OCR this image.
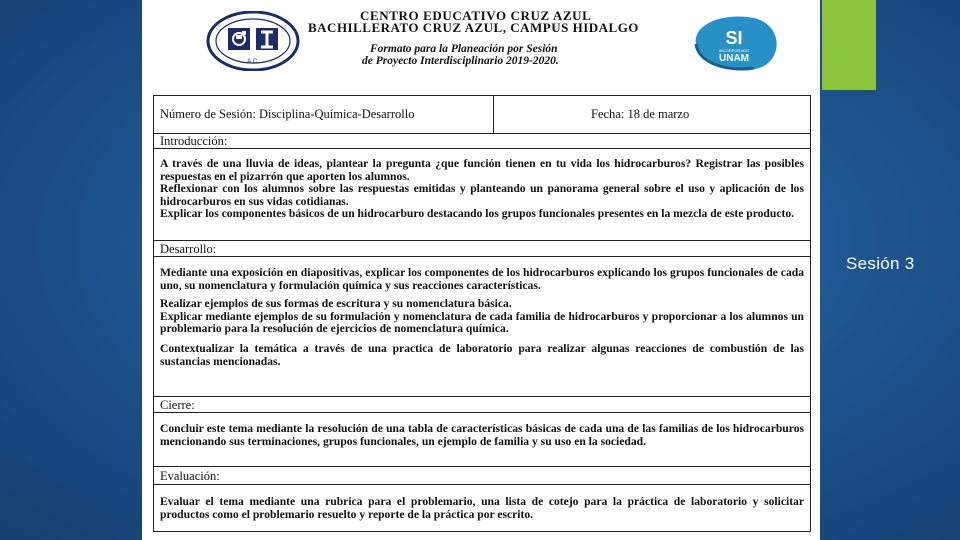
Sesión 3
A.C.
CENTRO EDUCATIVO CRUZ AZUL
BACHILLERATO CRUZ AZUL, CAMPUS HIDALGO
Formato para la Planeación por Sesión
de Proyecto Interdisciplinario 2019-2020.
SI
INCORPORADO
UNAM
Número de Sesión: Disciplina-Química-Desarrollo	Fecha: 18 de marzo
Introducción:
A través de una lluvia de ideas, plantear la pregunta ¿que función tienen en tu vida los hidrocarburos? Registrar las posibles respuestas en el pizarrón que aporten los alumnos.
Reflexionar con los alumnos sobre las respuestas emitidas y planteando un panorama general sobre el uso y aplicación de los hidrocarburos en sus vidas cotidianas.
Explicar los componentes básicos de un hidrocarburo destacando los grupos funcionales presentes en la mezcla de este producto.
Desarrollo:
Mediante una exposición en diapositivas, explicar los componentes de los hidrocarburos explicando los grupos funcionales de cada uno, su nomenclatura y formulación química y sus reacciones características.
Realizar ejemplos de sus formas de escritura y su nomenclatura básica.
Explicar mediante ejemplos de su formulación y nomenclatura de cada familia de hidrocarburos y proporcionar a los alumnos un problemario para la resolución de ejercicios de nomenclatura química.
Contextualizar la temática a través de una practica de laboratorio para realizar algunas reacciones de combustión de las sustancias mencionadas.
Cierre:
Concluir este tema mediante la resolución de una tabla de características básicas de cada una de las familias de los hidrocarburos mencionando sus terminaciones, grupos funcionales, un ejemplo de familia y su uso en la sociedad.
Evaluación:
Evaluar el tema mediante una rubrica para el problemario, una lista de cotejo para la práctica de laboratorio y solicitar productos como el problemario resuelto y reporte de la práctica por escrito.
